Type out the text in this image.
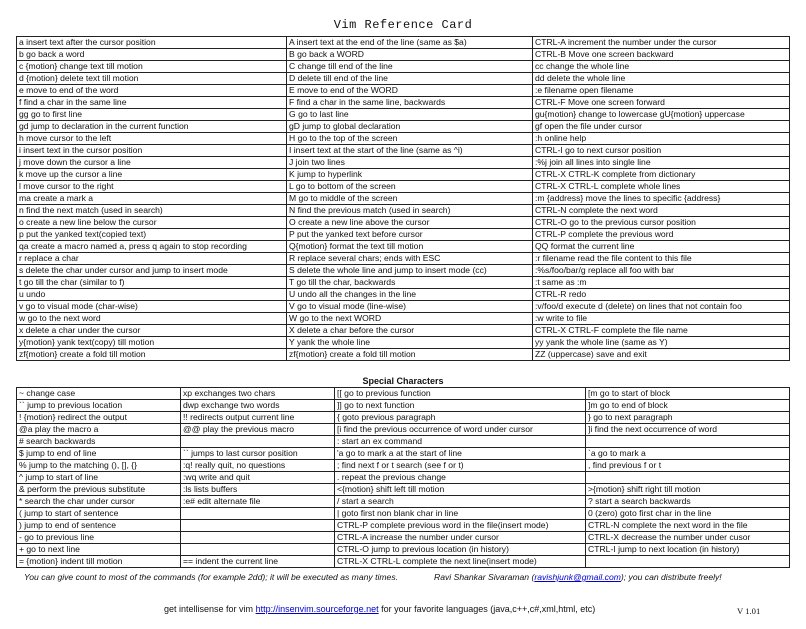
Vim Reference Card
a insert text after the cursor position	A insert text at the end of the line (same as $a)	CTRL-A increment the number under the cursor
b go back a word	B go back a WORD	CTRL-B Move one screen backward
c {motion} change text till motion	C change till end of the line	cc change the whole line
d {motion} delete text till motion	D delete till end of the line	dd delete the whole line
e move to end of the word	E move to end of the WORD	:e filename open filename
f find a char in the same line	F find a char in the same line, backwards	CTRL-F Move one screen forward
gg go to first line	G go to last line	gu{motion} change to lowercase gU{motion} uppercase
gd jump to declaration in the current function	gD jump to global declaration	gf open the file under cursor
h move cursor to the left	H go to the top of the screen	:h online help
i insert text in the cursor position	I insert text at the start of the line (same as ^i)	CTRL-I go to next cursor position
j move down the cursor a line	J join two lines	:%j join all lines into single line
k move up the cursor a line	K jump to hyperlink	CTRL-X CTRL-K complete from dictionary
l move cursor to the right	L go to bottom of the screen	CTRL-X CTRL-L complete whole lines
ma create a mark a	M go to middle of the screen	:m {address} move the lines to specific {address}
n find the next match (used in search)	N find the previous match (used in search)	CTRL-N complete the next word
o create a new line below the cursor	O create a new line above the cursor	CTRL-O go to the previous cursor position
p put the yanked text(copied text)	P put the yanked text before cursor	CTRL-P complete the previous word
qa create a macro named a, press q again to stop recording	Q{motion} format the text till motion	QQ format the current line
r replace a char	R replace several chars; ends with ESC	:r filename read the file content to this file
s delete the char under cursor and jump to insert mode	S delete the whole line and jump to insert mode (cc)	:%s/foo/bar/g replace all foo with bar
t go till the char (similar to f)	T go till the char, backwards	:t same as :m
u undo	U undo all the changes in the line	CTRL-R redo
v go to visual mode (char-wise)	V go to visual mode (line-wise)	:v/foo/d execute d (delete) on lines that not contain foo
w go to the next word	W go to the next WORD	:w write to file
x delete a char under the cursor	X delete a char before the cursor	CTRL-X CTRL-F complete the file name
y{motion} yank text(copy) till motion	Y yank the whole line	yy yank the whole line (same as Y)
zf{motion} create a fold till motion	zf{motion} create a fold till motion	ZZ (uppercase) save and exit
Special Characters
~ change case	xp exchanges two chars	[[ go to previous function	[m go to start of block
`` jump to previous location	dwp exchange two words	]] go to next function	]m go to end of block
! {motion} redirect the output	!! redirects output current line	{ goto previous paragraph	} go to next paragraph
@a play the macro a	@@ play the previous macro	[i find the previous occurrence of word under cursor	]i find the next occurrence of word
# search backwards		: start an ex command	
$ jump to end of line	`` jumps to last cursor position	'a go to mark a at the start of line	`a go to mark a
% jump to the matching (), [], {}	:q! really quit, no questions	; find next f or t search (see f or t)	, find previous f or t
^ jump to start of line	:wq write and quit	. repeat the previous change	
& perform the previous substitute	:ls lists buffers	<{motion} shift left till motion	>{motion} shift right till motion
* search the char under cursor	:e# edit alternate file	/ start a search	? start a search backwards
( jump to start of sentence		| goto first non blank char in line	0 (zero) goto first char in the line
) jump to end of sentence		CTRL-P complete previous word in the file(insert mode)	CTRL-N complete the next word in the file
- go to previous line		CTRL-A increase the number under cursor	CTRL-X decrease the number under cusor
+ go to next line		CTRL-O jump to previous location (in history)	CTRL-I jump to next location (in history)
= {motion} indent till motion	== indent the current line	CTRL-X CTRL-L complete the next line(insert mode)	
You can give count to most of the commands (for example 2dd); it will be executed as many times.	Ravi Shankar Sivaraman (ravishjunk@gmail.com); you can distribute freely!
get intellisense for vim http://insenvim.sourceforge.net for your favorite languages (java,c++,c#,xml,html, etc)	V 1.01
